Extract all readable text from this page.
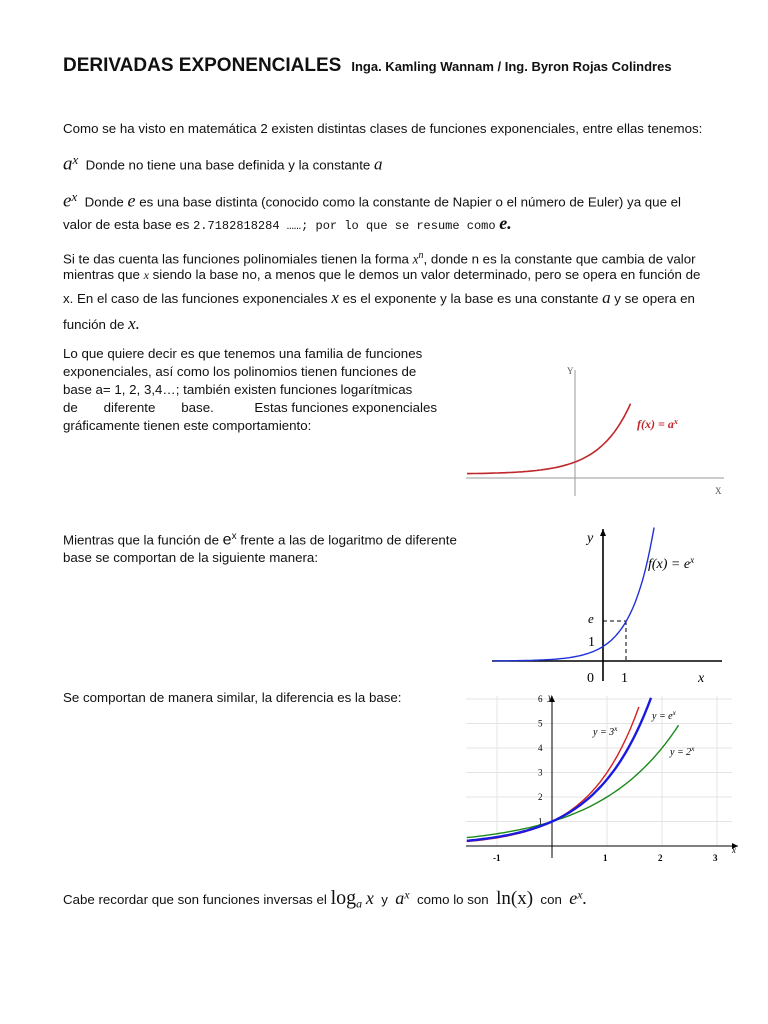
DERIVADAS EXPONENCIALES Inga. Kamling Wannam / Ing. Byron Rojas Colindres
Como se ha visto en matemática 2 existen distintas clases de funciones exponenciales, entre ellas tenemos:
$a^x$ Donde no tiene una base definida y la constante a
$e^x$ Donde e es una base distinta (conocido como la constante de Napier o el número de Euler) ya que el
valor de esta base es 2.7182818284 ……; por lo que se resume como e.
Si te das cuenta las funciones polinomiales tienen la forma $x^n$, donde n es la constante que cambia de valor
mientras que x siendo la base no, a menos que le demos un valor determinado, pero se opera en función de
x. En el caso de las funciones exponenciales x es el exponente y la base es una constante a y se opera en
función de x.
Lo que quiere decir es que tenemos una familia de funciones
exponenciales, así como los polinomios tienen funciones de
base a= 1, 2, 3,4…; también existen funciones logarítmicas
de       diferente       base.           Estas funciones exponenciales
gráficamente tienen este comportamiento:
Y
X
$f(x) = a^x$
Mientras que la función de $e^x$ frente a las de logaritmo de diferente
base se comportan de la siguiente manera:
y
x
e
1
0 1
$f(x) = e^x$
Se comportan de manera similar, la diferencia es la base:	y
x
1
2
3
4
5
6
-1	1	2	3
$y = 3^x$
$y = e^x$
$y = 2^x$
Cabe recordar que son funciones inversas el $\log_a x$ y $a^x$ como lo son ln(x) con $e^x$.
